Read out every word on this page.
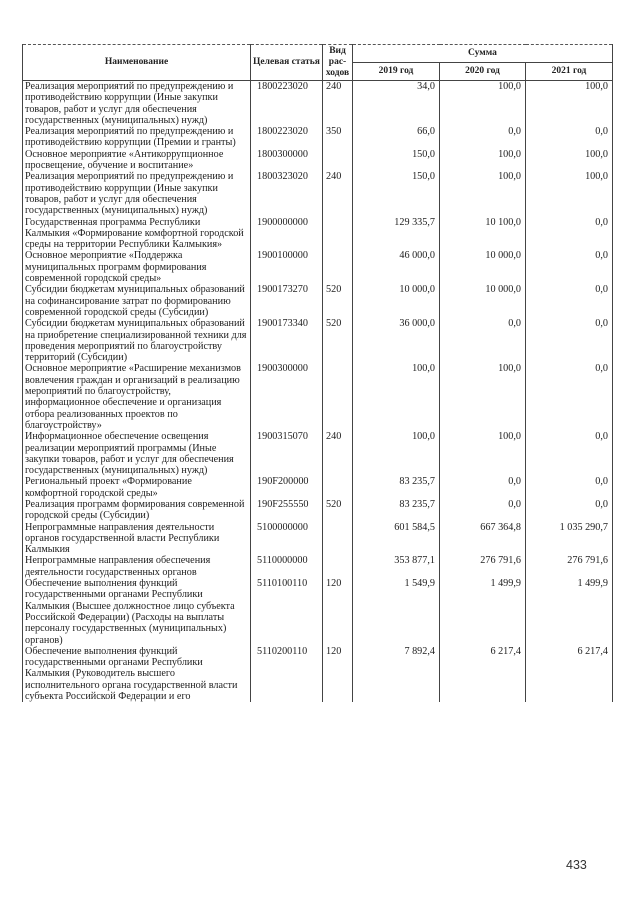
Наименование	Целевая статья	Вид рас-ходов	Сумма		
			2019 год	2020 год	2021 год
Реализация мероприятий по предупреждению и противодействию коррупции (Иные закупки товаров, работ и услуг для обеспечения государственных (муниципальных) нужд)	1800223020	240	34,0	100,0	100,0
Реализация мероприятий по предупреждению и противодействию коррупции (Премии и гранты)	1800223020	350	66,0	0,0	0,0
Основное мероприятие «Антикоррупционное просвещение, обучение и воспитание»	1800300000		150,0	100,0	100,0
Реализация мероприятий по предупреждению и противодействию коррупции (Иные закупки товаров, работ и услуг для обеспечения государственных (муниципальных) нужд)	1800323020	240	150,0	100,0	100,0
Государственная программа Республики Калмыкия «Формирование комфортной городской среды на территории Республики Калмыкия»	1900000000		129 335,7	10 100,0	0,0
Основное мероприятие «Поддержка муниципальных программ формирования современной городской среды»	1900100000		46 000,0	10 000,0	0,0
Субсидии бюджетам муниципальных образований на софинансирование затрат по формированию современной городской среды (Субсидии)	1900173270	520	10 000,0	10 000,0	0,0
Субсидии бюджетам муниципальных образований на приобретение специализированной техники для проведения мероприятий по благоустройству территорий (Субсидии)	1900173340	520	36 000,0	0,0	0,0
Основное мероприятие «Расширение механизмов вовлечения граждан и организаций в реализацию мероприятий по благоустройству, информационное обеспечение и организация отбора реализованных проектов по благоустройству»	1900300000		100,0	100,0	0,0
Информационное обеспечение освещения реализации мероприятий программы (Иные закупки товаров, работ и услуг для обеспечения государственных (муниципальных) нужд)	1900315070	240	100,0	100,0	0,0
Региональный проект «Формирование комфортной городской среды»	190F200000		83 235,7	0,0	0,0
Реализация программ формирования современной городской среды (Субсидии)	190F255550	520	83 235,7	0,0	0,0
Непрограммные направления деятельности органов государственной власти Республики Калмыкия	5100000000		601 584,5	667 364,8	1 035 290,7
Непрограммные направления обеспечения деятельности государственных органов	5110000000		353 877,1	276 791,6	276 791,6
Обеспечение выполнения функций государственными органами Республики Калмыкия (Высшее должностное лицо субъекта Российской Федерации) (Расходы на выплаты персоналу государственных (муниципальных) органов)	5110100110	120	1 549,9	1 499,9	1 499,9
Обеспечение выполнения функций государственными органами Республики Калмыкия (Руководитель высшего исполнительного органа государственной власти субъекта Российской Федерации и его	5110200110	120	7 892,4	6 217,4	6 217,4
433
